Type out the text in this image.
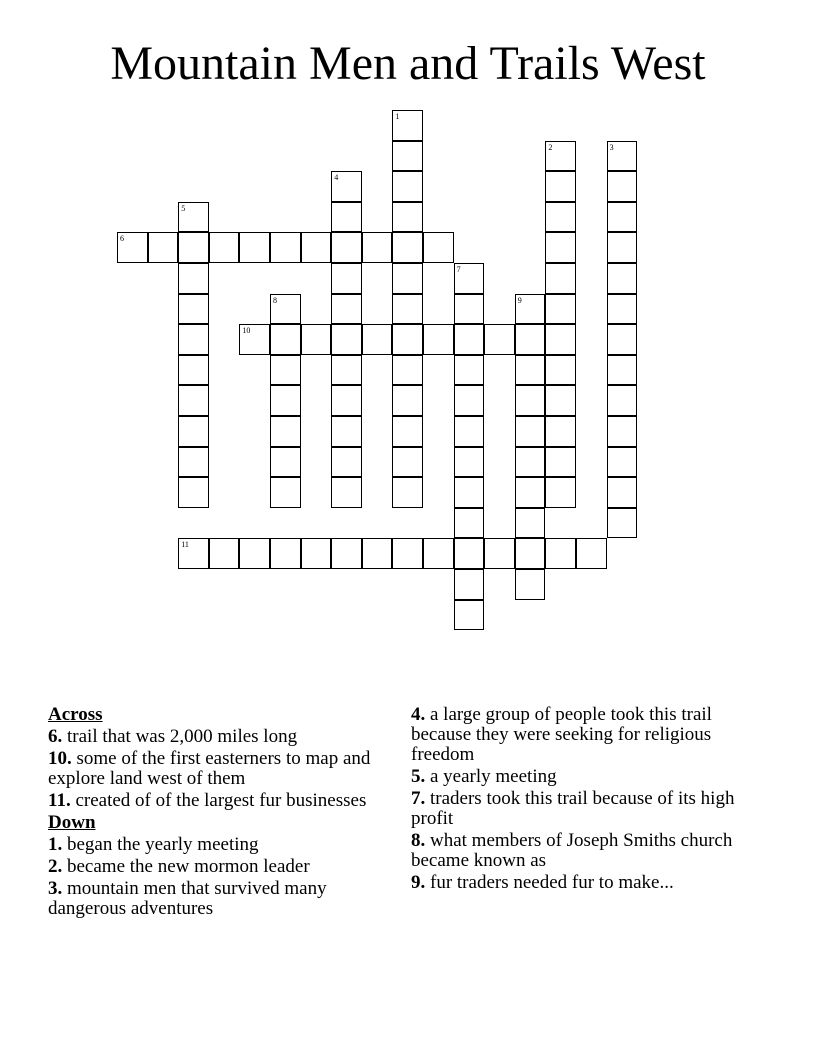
Mountain Men and Trails West
1
2	3
4
5
6
7
8	9
10
11
Across
6. trail that was 2,000 miles long
10. some of the first easterners to map and explore land west of them
11. created of of the largest fur businesses
Down
1. began the yearly meeting
2. became the new mormon leader
3. mountain men that survived many dangerous adventures
4. a large group of people took this trail because they were seeking for religious freedom
5. a yearly meeting
7. traders took this trail because of its high profit
8. what members of Joseph Smiths church became known as
9. fur traders needed fur to make...
